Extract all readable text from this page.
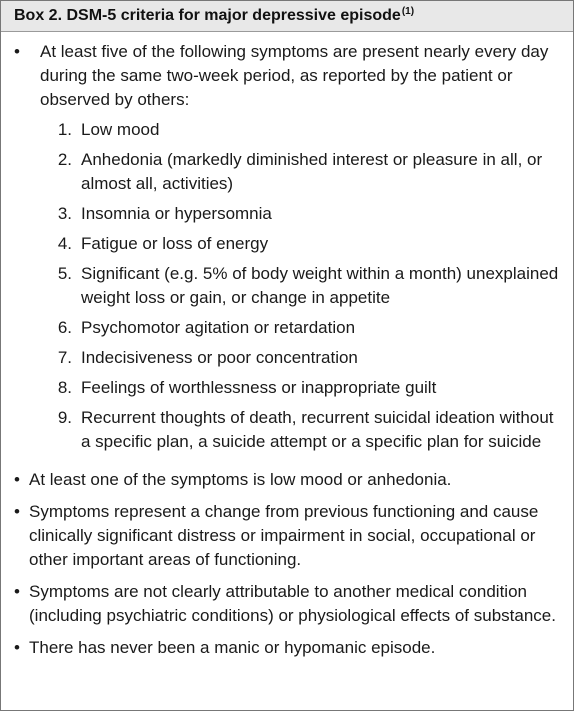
Box 2. DSM-5 criteria for major depressive episode$^{(1)}$
•	At least five of the following symptoms are present nearly every day during the same two-week period, as reported by the patient or observed by others:
1. Low mood
2. Anhedonia (markedly diminished interest or pleasure in all, or almost all, activities)
3. Insomnia or hypersomnia
4. Fatigue or loss of energy
5. Significant (e.g. 5% of body weight within a month) unexplained weight loss or gain, or change in appetite
6. Psychomotor agitation or retardation
7. Indecisiveness or poor concentration
8. Feelings of worthlessness or inappropriate guilt
9. Recurrent thoughts of death, recurrent suicidal ideation without a specific plan, a suicide attempt or a specific plan for suicide
• At least one of the symptoms is low mood or anhedonia.
• Symptoms represent a change from previous functioning and cause clinically significant distress or impairment in social, occupational or other important areas of functioning.
• Symptoms are not clearly attributable to another medical condition (including psychiatric conditions) or physiological effects of substance.
• There has never been a manic or hypomanic episode.
